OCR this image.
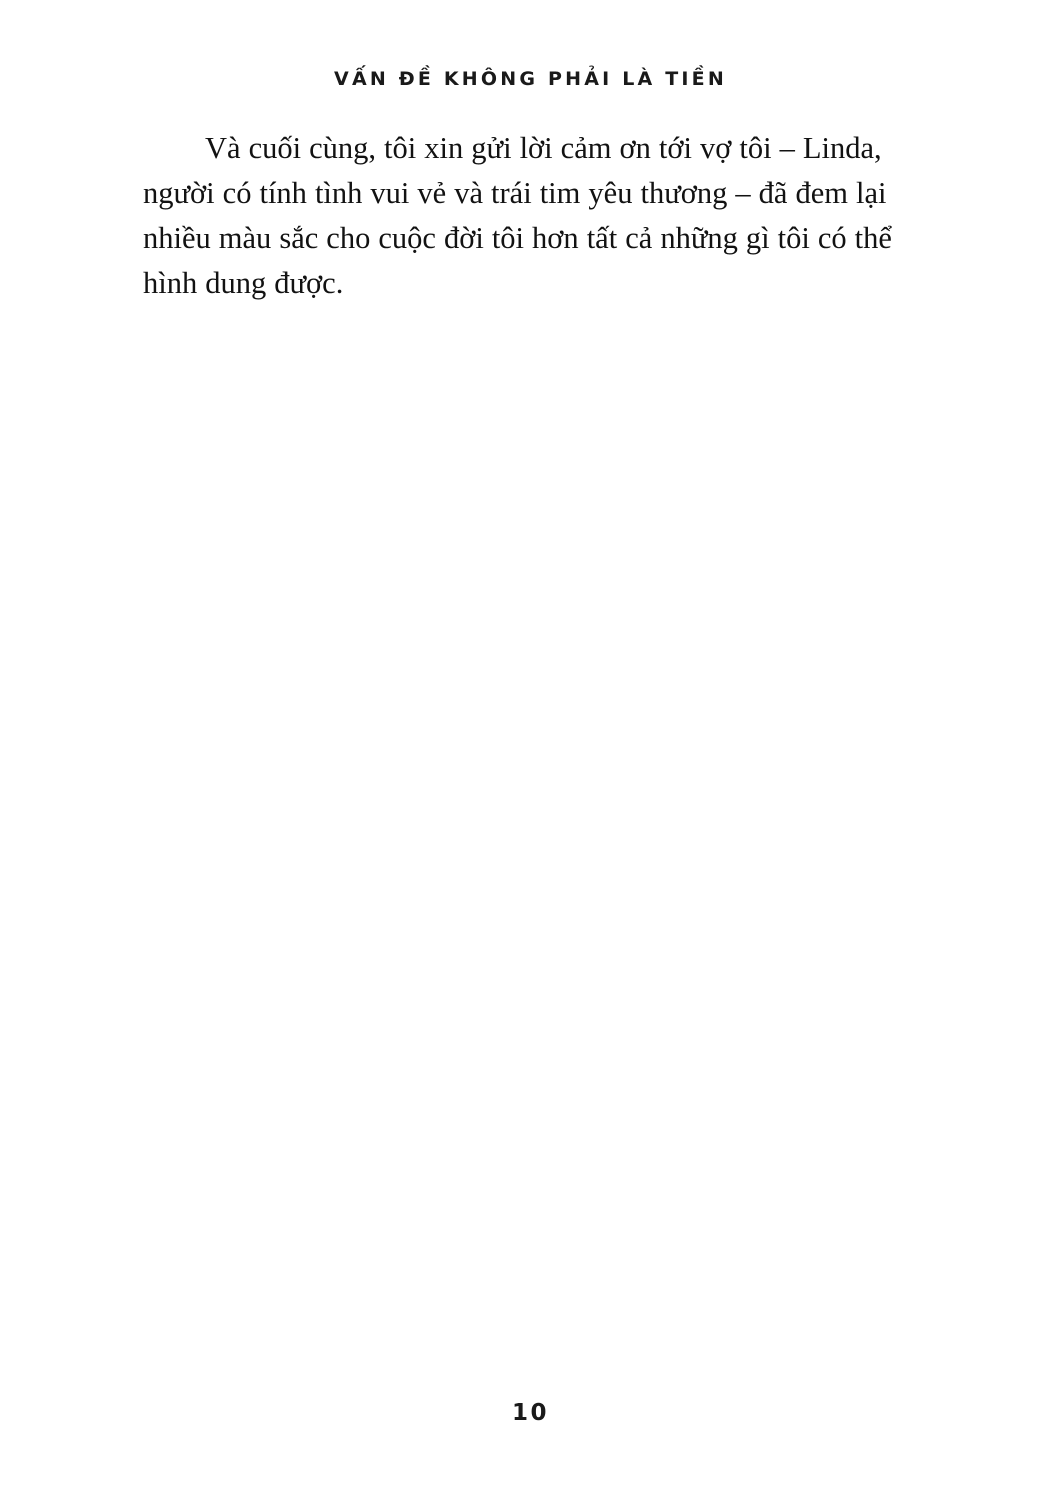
VẤN ĐỀ KHÔNG PHẢI LÀ TIỀN

Và cuối cùng, tôi xin gửi lời cảm ơn tới vợ tôi – Linda, người có tính tình vui vẻ và trái tim yêu thương – đã đem lại nhiều màu sắc cho cuộc đời tôi hơn tất cả những gì tôi có thể hình dung được.

10
